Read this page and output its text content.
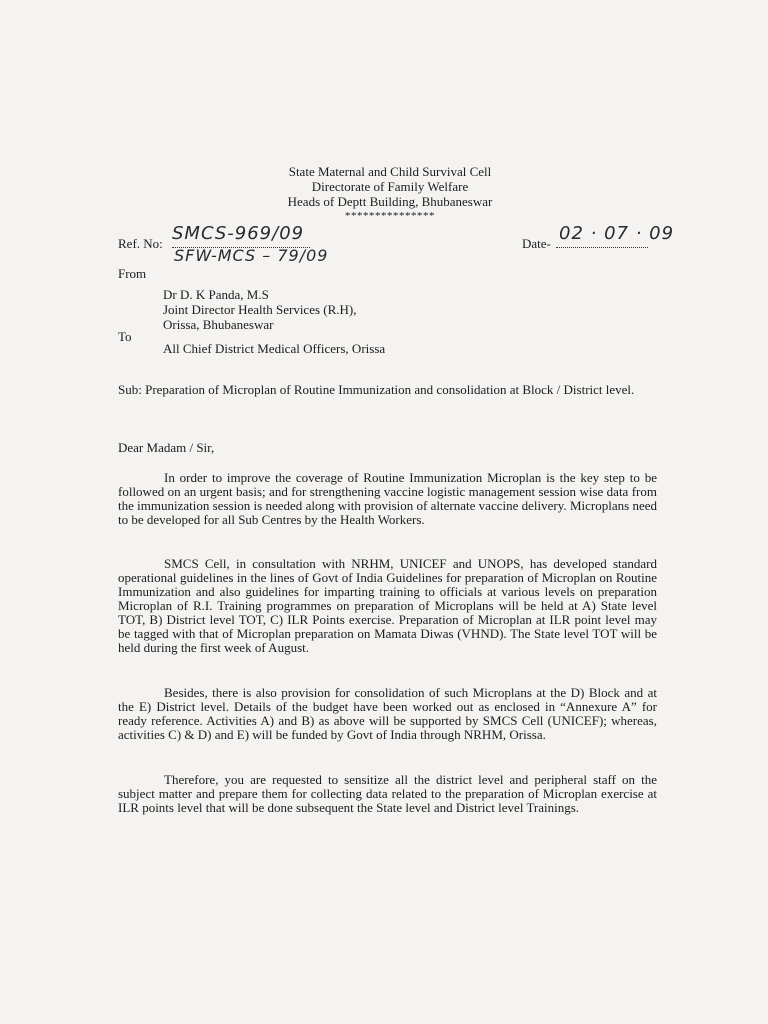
State Maternal and Child Survival Cell
Directorate of Family Welfare
Heads of Deptt Building, Bhubaneswar
***************
Ref. No: SMCS-969/09
SFW-MCS – 79/09
Date- 02 · 07 · 09
From
Dr D. K Panda, M.S
Joint Director Health Services (R.H),
Orissa, Bhubaneswar
To
All Chief District Medical Officers, Orissa

Sub: Preparation of Microplan of Routine Immunization and consolidation at Block / District level.

Dear Madam / Sir,

In order to improve the coverage of Routine Immunization Microplan is the key step to be followed on an urgent basis; and for strengthening vaccine logistic management session wise data from the immunization session is needed along with provision of alternate vaccine delivery. Microplans need to be developed for all Sub Centres by the Health Workers.

SMCS Cell, in consultation with NRHM, UNICEF and UNOPS, has developed standard operational guidelines in the lines of Govt of India Guidelines for preparation of Microplan on Routine Immunization and also guidelines for imparting training to officials at various levels on preparation Microplan of R.I. Training programmes on preparation of Microplans will be held at A) State level TOT, B) District level TOT, C) ILR Points exercise. Preparation of Microplan at ILR point level may be tagged with that of Microplan preparation on Mamata Diwas (VHND). The State level TOT will be held during the first week of August.

Besides, there is also provision for consolidation of such Microplans at the D) Block and at the E) District level. Details of the budget have been worked out as enclosed in “Annexure A” for ready reference. Activities A) and B) as above will be supported by SMCS Cell (UNICEF); whereas, activities C) & D) and E) will be funded by Govt of India through NRHM, Orissa.

Therefore, you are requested to sensitize all the district level and peripheral staff on the subject matter and prepare them for collecting data related to the preparation of Microplan exercise at ILR points level that will be done subsequent the State level and District level Trainings.
